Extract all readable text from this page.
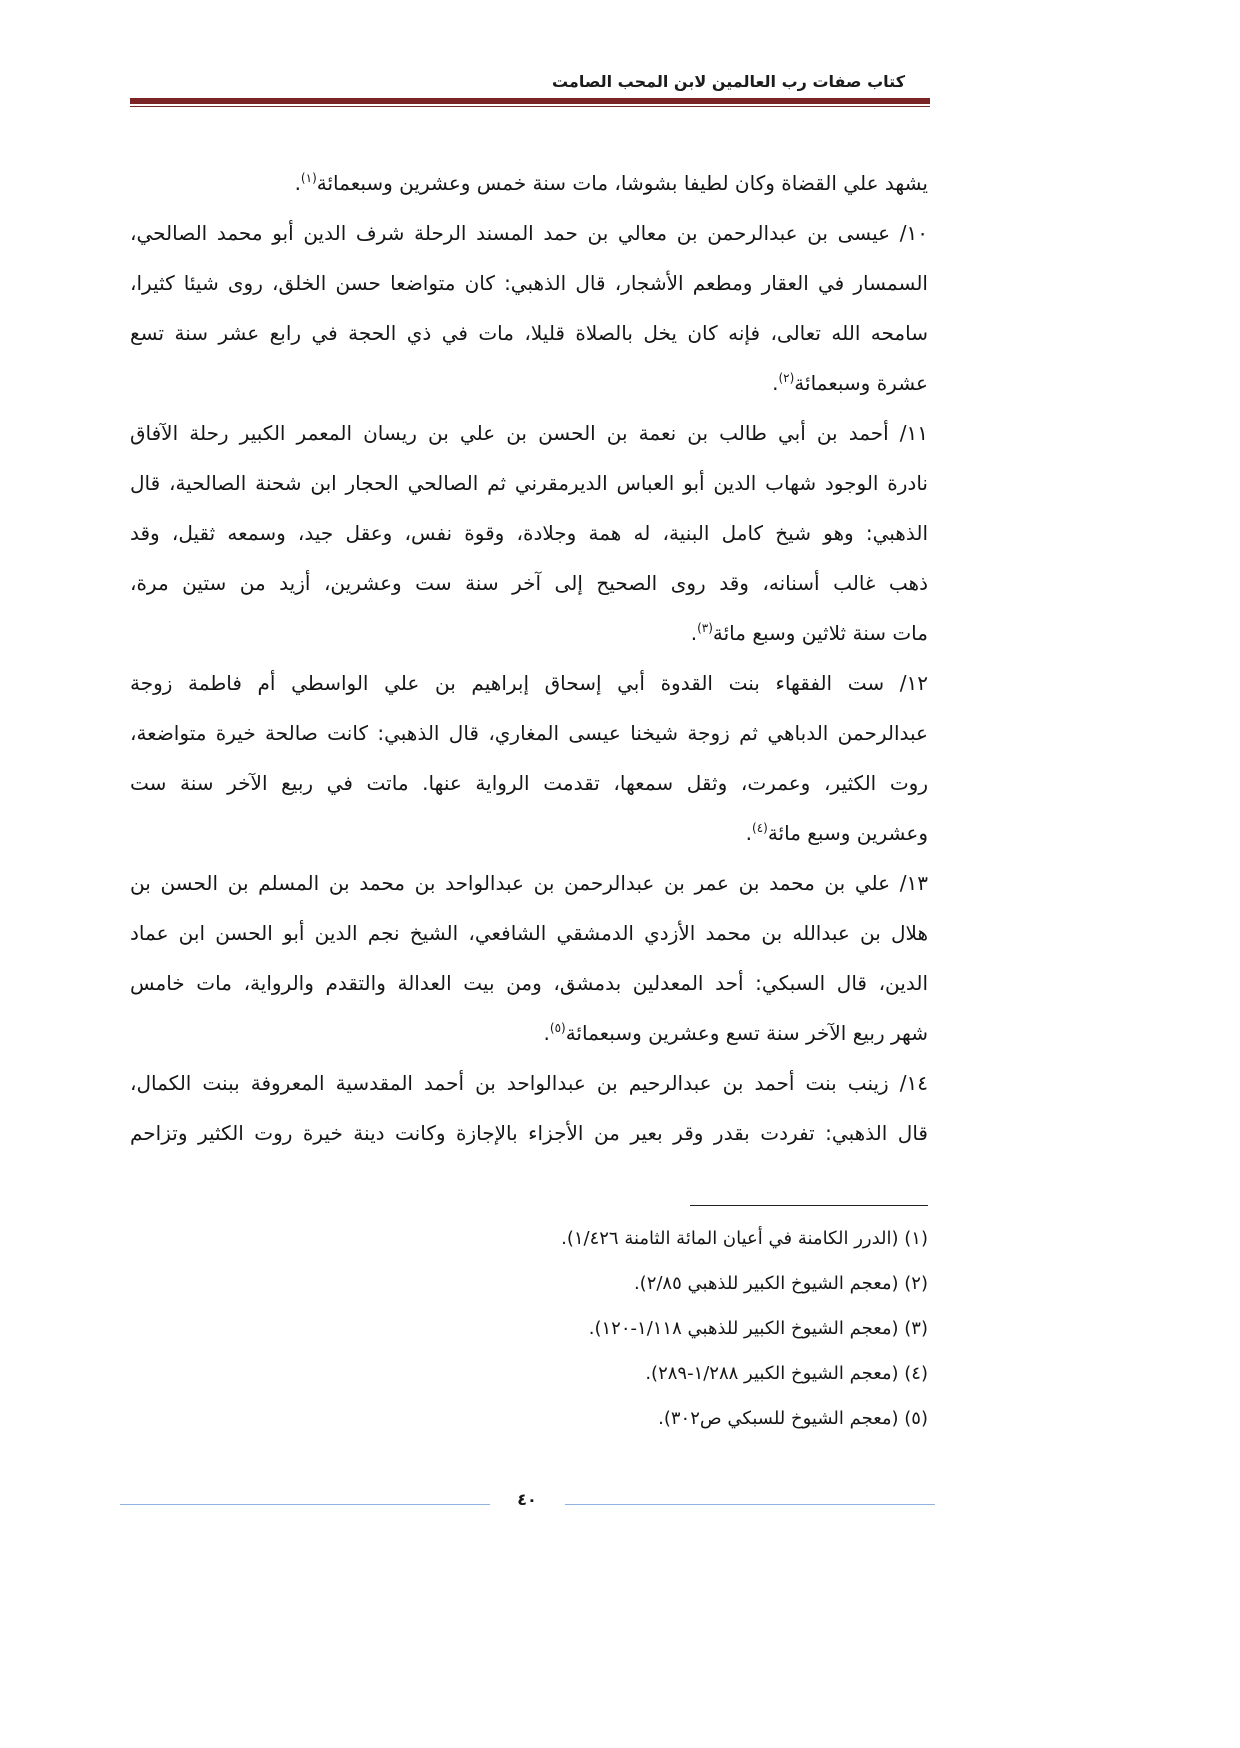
كتاب صفات رب العالمين لابن المحب الصامت
يشهد علي القضاة وكان لطيفا بشوشا، مات سنة خمس وعشرين وسبعمائة$^{(١)}$.
١٠/ عيسى بن عبدالرحمن بن معالي بن حمد المسند الرحلة شرف الدين أبو محمد الصالحي،
السمسار في العقار ومطعم الأشجار، قال الذهبي: كان متواضعا حسن الخلق، روى شيئا كثيرا،
سامحه الله تعالى، فإنه كان يخل بالصلاة قليلا، مات في ذي الحجة في رابع عشر سنة تسع
عشرة وسبعمائة$^{(٢)}$.
١١/ أحمد بن أبي طالب بن نعمة بن الحسن بن علي بن ريسان المعمر الكبير رحلة الآفاق
نادرة الوجود شهاب الدين أبو العباس الديرمقرني ثم الصالحي الحجار ابن شحنة الصالحية، قال
الذهبي: وهو شيخ كامل البنية، له همة وجلادة، وقوة نفس، وعقل جيد، وسمعه ثقيل، وقد
ذهب غالب أسنانه، وقد روى الصحيح إلى آخر سنة ست وعشرين، أزيد من ستين مرة،
مات سنة ثلاثين وسبع مائة$^{(٣)}$.
١٢/ ست الفقهاء بنت القدوة أبي إسحاق إبراهيم بن علي الواسطي أم فاطمة زوجة
عبدالرحمن الدباهي ثم زوجة شيخنا عيسى المغاري، قال الذهبي: كانت صالحة خيرة متواضعة،
روت الكثير، وعمرت، وثقل سمعها، تقدمت الرواية عنها. ماتت في ربيع الآخر سنة ست
وعشرين وسبع مائة$^{(٤)}$.
١٣/ علي بن محمد بن عمر بن عبدالرحمن بن عبدالواحد بن محمد بن المسلم بن الحسن بن
هلال بن عبدالله بن محمد الأزدي الدمشقي الشافعي، الشيخ نجم الدين أبو الحسن ابن عماد
الدين، قال السبكي: أحد المعدلين بدمشق، ومن بيت العدالة والتقدم والرواية، مات خامس
شهر ربيع الآخر سنة تسع وعشرين وسبعمائة$^{(٥)}$.
١٤/ زينب بنت أحمد بن عبدالرحيم بن عبدالواحد بن أحمد المقدسية المعروفة ببنت الكمال،
قال الذهبي: تفردت بقدر وقر بعير من الأجزاء بالإجازة وكانت دينة خيرة روت الكثير وتزاحم
(١) (الدرر الكامنة في أعيان المائة الثامنة ١/٤٢٦).
(٢) (معجم الشيوخ الكبير للذهبي ٢/٨٥).
(٣) (معجم الشيوخ الكبير للذهبي ١/١١٨-١٢٠).
(٤) (معجم الشيوخ الكبير ١/٢٨٨-٢٨٩).
(٥) (معجم الشيوخ للسبكي ص٣٠٢).
٤٠
